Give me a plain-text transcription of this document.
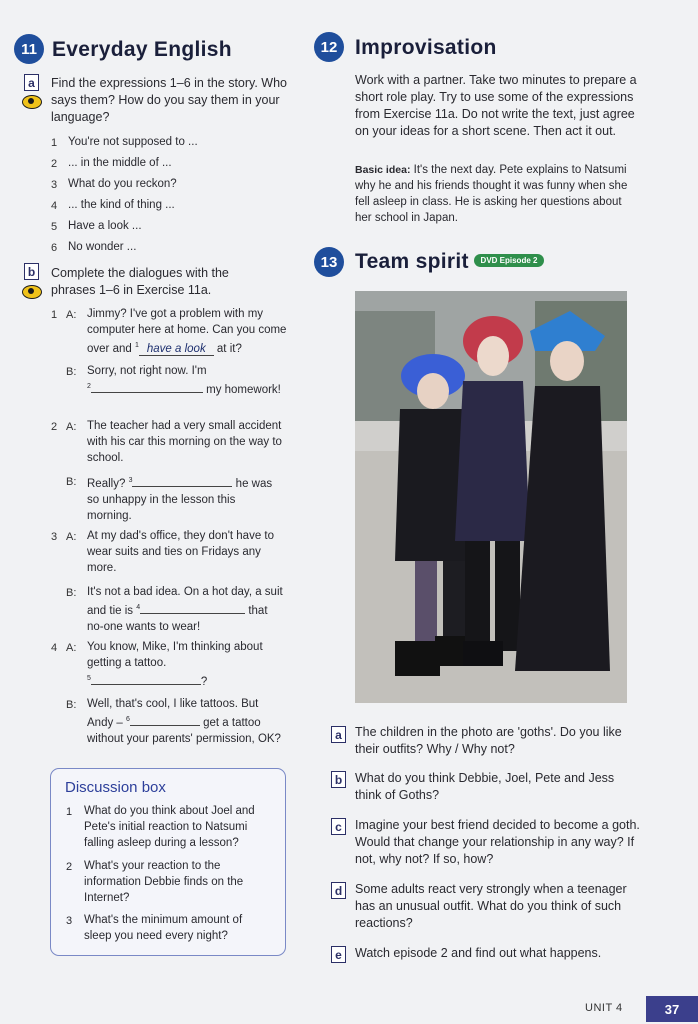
11 Everyday English
a	Find the expressions 1–6 in the story. Who says them? How do you say them in your language?
1 You're not supposed to ...
2 ... in the middle of ...
3 What do you reckon?
4 ... the kind of thing ...
5 Have a look ...
6 No wonder ...
b	Complete the dialogues with the phrases 1–6 in Exercise 11a.
1 A: Jimmy? I've got a problem with my computer here at home. Can you come over and $^1$ have a look at it?
B: Sorry, not right now. I'm
$^2$	my homework!
2 A: The teacher had a very small accident with his car this morning on the way to school.
B: Really? $^3$	he was so unhappy in the lesson this morning.
3 A: At my dad's office, they don't have to wear suits and ties on Fridays any more.
B: It's not a bad idea. On a hot day, a suit and tie is $^4$	that no-one wants to wear!
4 A: You know, Mike, I'm thinking about getting a tattoo.
$^5$	?
B: Well, that's cool, I like tattoos. But Andy – $^6$	get a tattoo without your parents' permission, OK?
Discussion box
1 What do you think about Joel and Pete's initial reaction to Natsumi falling asleep during a lesson?
2 What's your reaction to the information Debbie finds on the Internet?
3 What's the minimum amount of sleep you need every night?
12 Improvisation
Work with a partner. Take two minutes to prepare a short role play. Try to use some of the expressions from Exercise 11a. Do not write the text, just agree on your ideas for a short scene. Then act it out.
Basic idea: It's the next day. Pete explains to Natsumi why he and his friends thought it was funny when she fell asleep in class. He is asking her questions about her school in Japan.
13 Team spirit DVD Episode 2
a	The children in the photo are 'goths'. Do you like their outfits? Why / Why not?
b	What do you think Debbie, Joel, Pete and Jess think of Goths?
c	Imagine your best friend decided to become a goth. Would that change your relationship in any way? If not, why not? If so, how?
d	Some adults react very strongly when a teenager has an unusual outfit. What do you think of such reactions?
e	Watch episode 2 and find out what happens.
UNIT 4	37
